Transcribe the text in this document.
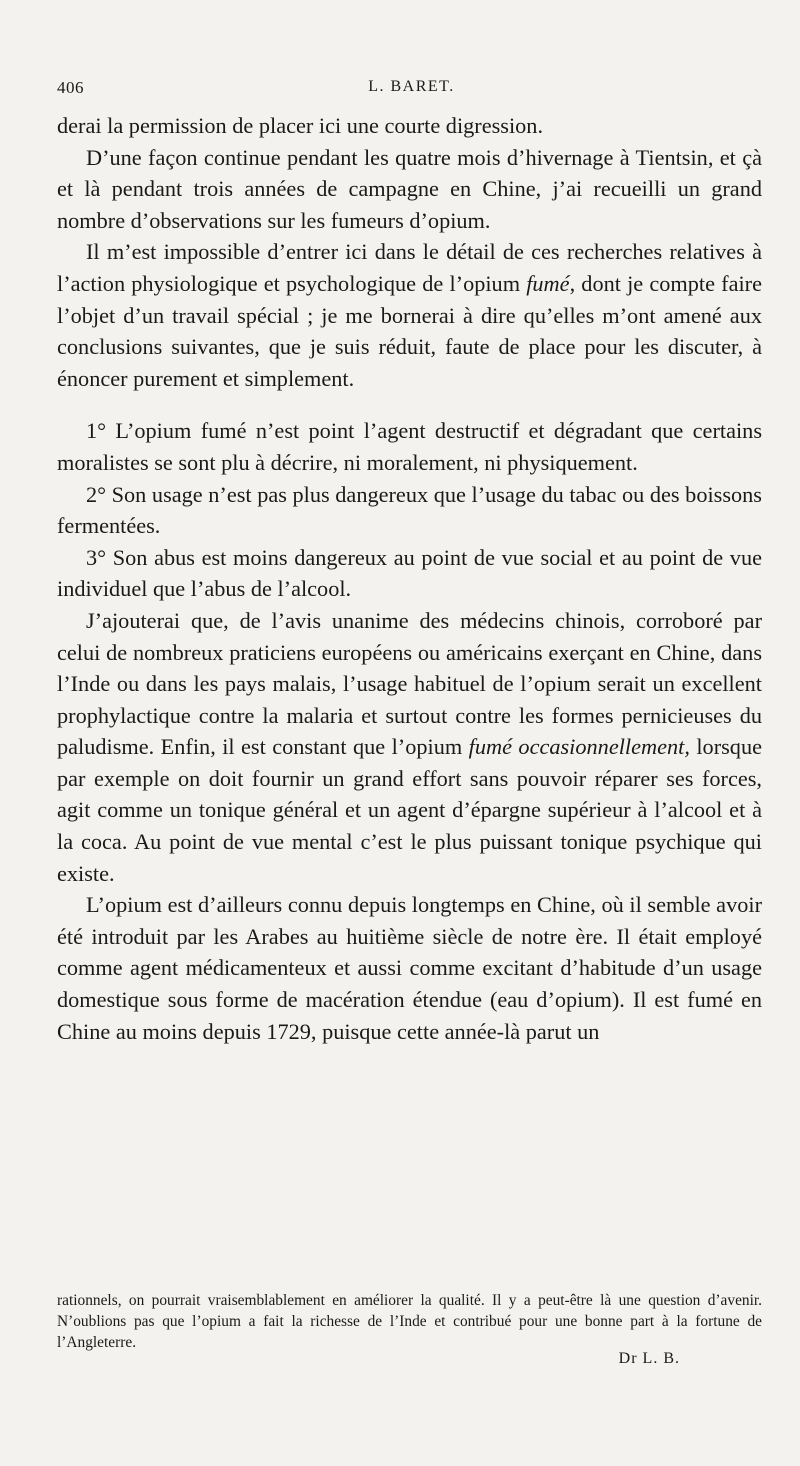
406	L. BARET.

derai la permission de placer ici une courte digression.

D’une façon continue pendant les quatre mois d’hivernage à Tientsin, et çà et là pendant trois années de campagne en Chine, j’ai recueilli un grand nombre d’observations sur les fumeurs d’opium.

Il m’est impossible d’entrer ici dans le détail de ces recherches relatives à l’action physiologique et psychologique de l’opium fumé, dont je compte faire l’objet d’un travail spécial ; je me bornerai à dire qu’elles m’ont amené aux conclusions suivantes, que je suis réduit, faute de place pour les discuter, à énoncer purement et simplement.

1° L’opium fumé n’est point l’agent destructif et dégradant que certains moralistes se sont plu à décrire, ni moralement, ni physiquement.

2° Son usage n’est pas plus dangereux que l’usage du tabac ou des boissons fermentées.

3° Son abus est moins dangereux au point de vue social et au point de vue individuel que l’abus de l’alcool.

J’ajouterai que, de l’avis unanime des médecins chinois, corroboré par celui de nombreux praticiens européens ou américains exerçant en Chine, dans l’Inde ou dans les pays malais, l’usage habituel de l’opium serait un excellent prophylactique contre la malaria et surtout contre les formes pernicieuses du paludisme. Enfin, il est constant que l’opium fumé occasionnellement, lorsque par exemple on doit fournir un grand effort sans pouvoir réparer ses forces, agit comme un tonique général et un agent d’épargne supérieur à l’alcool et à la coca. Au point de vue mental c’est le plus puissant tonique psychique qui existe.

L’opium est d’ailleurs connu depuis longtemps en Chine, où il semble avoir été introduit par les Arabes au huitième siècle de notre ère. Il était employé comme agent médicamenteux et aussi comme excitant d’habitude d’un usage domestique sous forme de macération étendue (eau d’opium). Il est fumé en Chine au moins depuis 1729, puisque cette année-là parut un

rationnels, on pourrait vraisemblablement en améliorer la qualité. Il y a peut-être là une question d’avenir. N’oublions pas que l’opium a fait la richesse de l’Inde et contribué pour une bonne part à la fortune de l’Angleterre.

Dr L. B.
